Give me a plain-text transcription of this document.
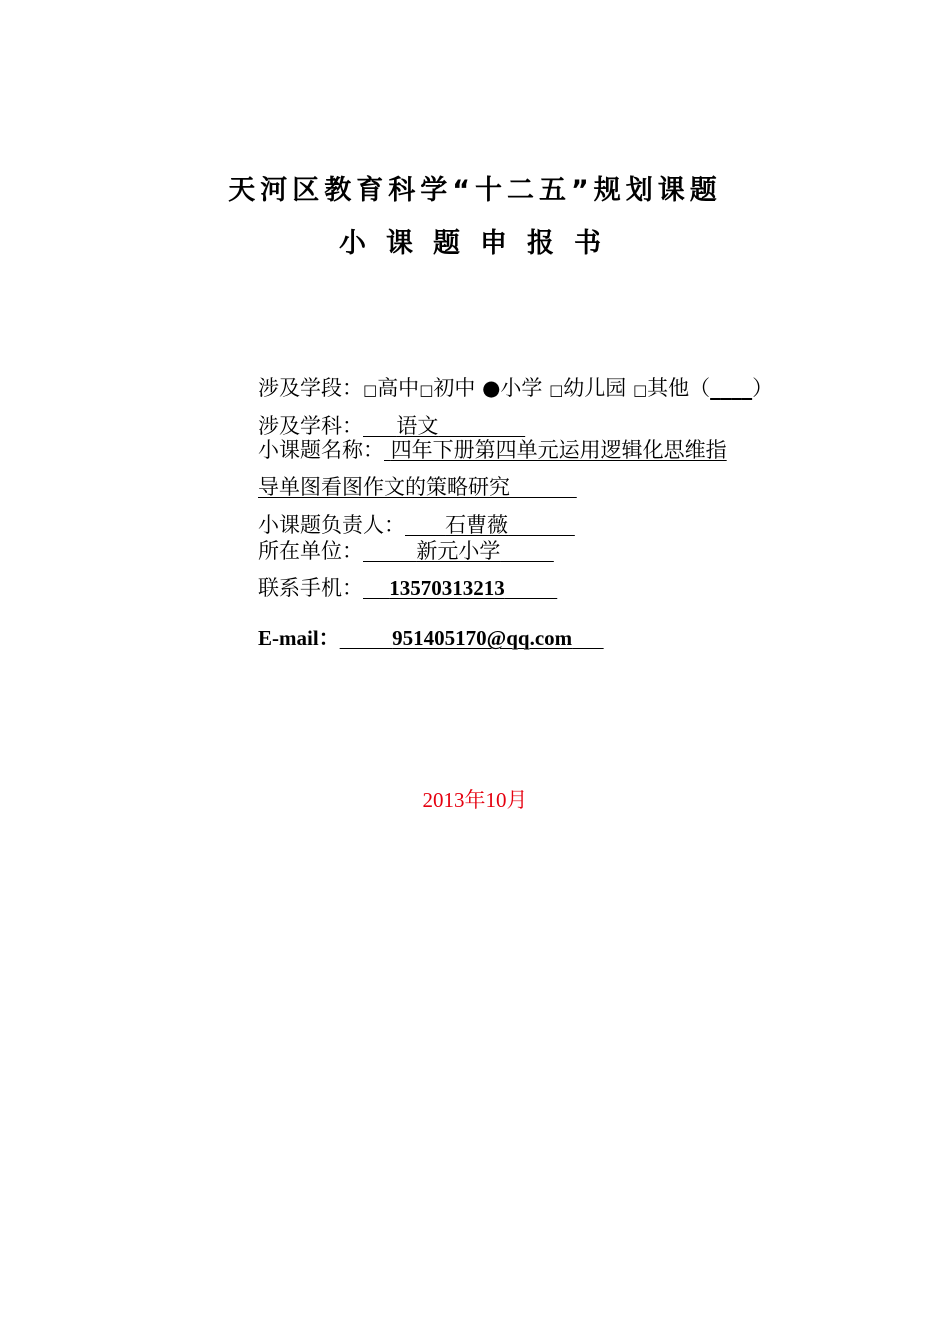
天河区教育科学“十二五”规划课题
小课题申报书
涉及学段：□高中□初中 ●小学 □幼儿园 □其他（____）
涉及学科： 语文
小课题名称： 四年下册第四单元运用逻辑化思维指
导单图看图作文的策略研究
小课题负责人： 石曹薇
所在单位：	新元小学
联系手机： 13570313213
E-mail：	951405170@qq.com
2013年10月
